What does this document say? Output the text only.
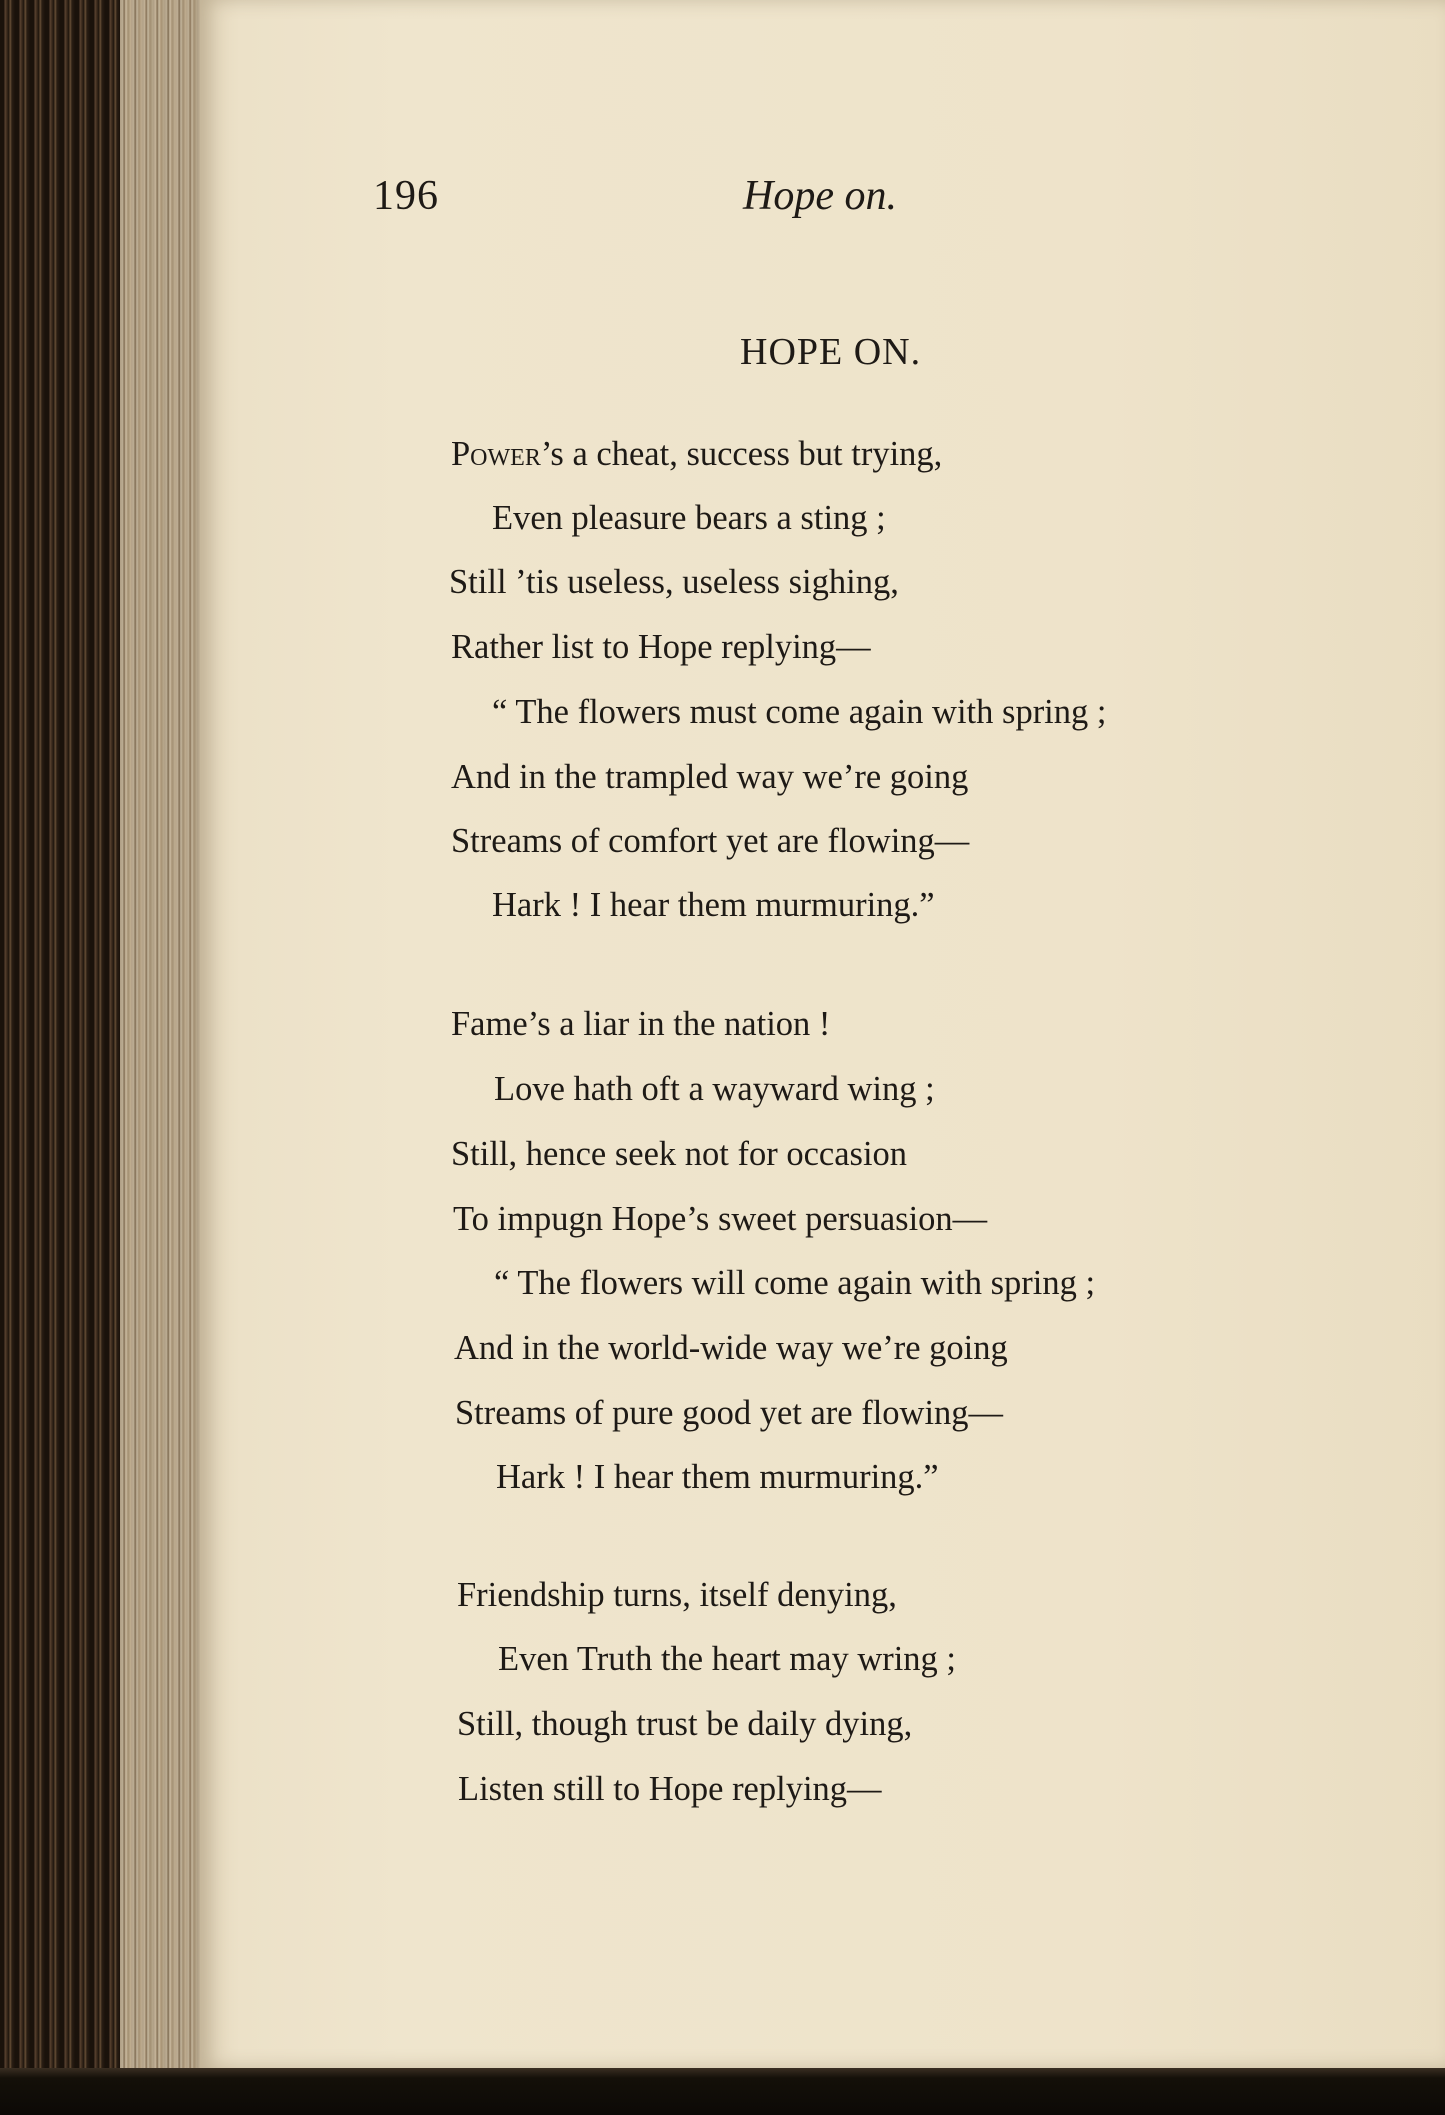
196	Hope on.
HOPE ON.
Power’s a cheat, success but trying,
Even pleasure bears a sting ;
Still ’tis useless, useless sighing,
Rather list to Hope replying—
“ The flowers must come again with spring ;
And in the trampled way we’re going
Streams of comfort yet are flowing—
Hark ! I hear them murmuring.”
Fame’s a liar in the nation !
Love hath oft a wayward wing ;
Still, hence seek not for occasion
To impugn Hope’s sweet persuasion—
“ The flowers will come again with spring ;
And in the world-wide way we’re going
Streams of pure good yet are flowing—
Hark ! I hear them murmuring.”
Friendship turns, itself denying,
Even Truth the heart may wring ;
Still, though trust be daily dying,
Listen still to Hope replying—
